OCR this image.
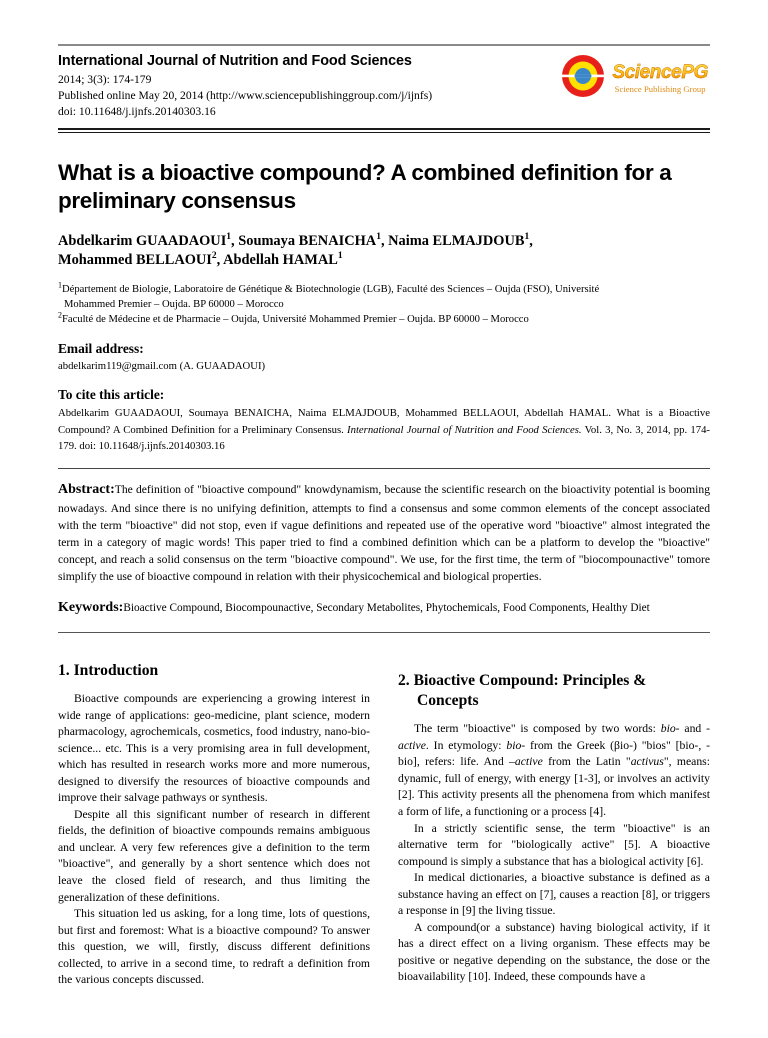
International Journal of Nutrition and Food Sciences
2014; 3(3): 174-179
Published online May 20, 2014 (http://www.sciencepublishinggroup.com/j/ijnfs)
doi: 10.11648/j.ijnfs.20140303.16
SciencePG
Science Publishing Group
What is a bioactive compound? A combined definition for a preliminary consensus
Abdelkarim GUAADAOUI$^1$, Soumaya BENAICHA$^1$, Naima ELMAJDOUB$^1$,
Mohammed BELLAOUI$^2$, Abdellah HAMAL$^1$
$^1$Département de Biologie, Laboratoire de Génétique & Biotechnologie (LGB), Faculté des Sciences – Oujda (FSO), Université
Mohammed Premier – Oujda. BP 60000 – Morocco
$^2$Faculté de Médecine et de Pharmacie – Oujda, Université Mohammed Premier – Oujda. BP 60000 – Morocco
Email address:
abdelkarim119@gmail.com (A. GUAADAOUI)
To cite this article:
Abdelkarim GUAADAOUI, Soumaya BENAICHA, Naima ELMAJDOUB, Mohammed BELLAOUI, Abdellah HAMAL. What is a Bioactive Compound? A Combined Definition for a Preliminary Consensus. International Journal of Nutrition and Food Sciences. Vol. 3, No. 3, 2014, pp. 174-179. doi: 10.11648/j.ijnfs.20140303.16
Abstract:The definition of "bioactive compound" knowdynamism, because the scientific research on the bioactivity potential is booming nowadays. And since there is no unifying definition, attempts to find a consensus and some common elements of the concept associated with the term "bioactive" did not stop, even if vague definitions and repeated use of the operative word "bioactive" almost integrated the term in a category of magic words! This paper tried to find a combined definition which can be a platform to develop the "bioactive" concept, and reach a solid consensus on the term "bioactive compound". We use, for the first time, the term of "biocompounactive" tomore simplify the use of bioactive compound in relation with their physicochemical and biological properties.
Keywords:Bioactive Compound, Biocompounactive, Secondary Metabolites, Phytochemicals, Food Components, Healthy Diet
1. Introduction

Bioactive compounds are experiencing a growing interest in wide range of applications: geo-medicine, plant science, modern pharmacology, agrochemicals, cosmetics, food industry, nano-bio-science... etc. This is a very promising area in full development, which has resulted in research works more and more numerous, designed to diversify the resources of bioactive compounds and improve their salvage pathways or synthesis.

Despite all this significant number of research in different fields, the definition of bioactive compounds remains ambiguous and unclear. A very few references give a definition to the term "bioactive", and generally by a short sentence which does not leave the closed field of research, and thus limiting the generalization of these definitions.

This situation led us asking, for a long time, lots of questions, but first and foremost: What is a bioactive compound? To answer this question, we will, firstly, discuss different definitions collected, to arrive in a second time, to redraft a definition from the various concepts discussed.

2. Bioactive Compound: Principles & Concepts

The term "bioactive" is composed by two words: bio- and -active. In etymology: bio- from the Greek (βio-) "bios" [bio-, -bio], refers: life. And –active from the Latin "activus", means: dynamic, full of energy, with energy [1-3], or involves an activity [2]. This activity presents all the phenomena from which manifest a form of life, a functioning or a process [4].

In a strictly scientific sense, the term "bioactive" is an alternative term for "biologically active" [5]. A bioactive compound is simply a substance that has a biological activity [6].

In medical dictionaries, a bioactive substance is defined as a substance having an effect on [7], causes a reaction [8], or triggers a response in [9] the living tissue.

A compound(or a substance) having biological activity, if it has a direct effect on a living organism. These effects may be positive or negative depending on the substance, the dose or the bioavailability [10]. Indeed, these compounds have a
